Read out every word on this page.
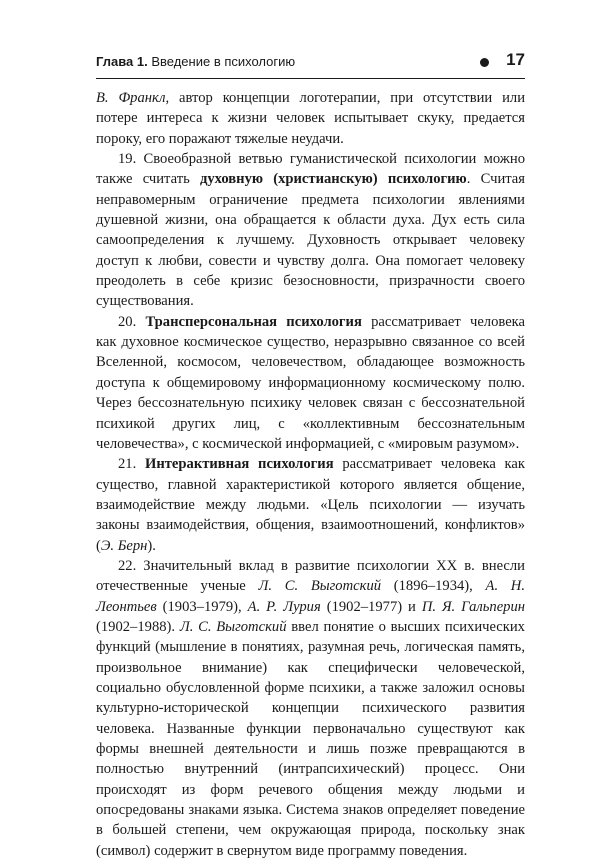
Глава 1. Введение в психологию	17

В. Франкл, автор концепции логотерапии, при отсутствии или потере интереса к жизни человек испытывает скуку, предается пороку, его поражают тяжелые неудачи.

19. Своеобразной ветвью гуманистической психологии можно также считать духовную (христианскую) психологию. Считая неправомерным ограничение предмета психологии явлениями душевной жизни, она обращается к области духа. Дух есть сила самоопределения к лучшему. Духовность открывает человеку доступ к любви, совести и чувству долга. Она помогает человеку преодолеть в себе кризис безосновности, призрачности своего существования.

20. Трансперсональная психология рассматривает человека как духовное космическое существо, неразрывно связанное со всей Вселенной, космосом, человечеством, обладающее возможность доступа к общемировому информационному космическому полю. Через бессознательную психику человек связан с бессознательной психикой других лиц, с «коллективным бессознательным человечества», с космической информацией, с «мировым разумом».

21. Интерактивная психология рассматривает человека как существо, главной характеристикой которого является общение, взаимодействие между людьми. «Цель психологии — изучать законы взаимодействия, общения, взаимоотношений, конфликтов» (Э. Берн).

22. Значительный вклад в развитие психологии XX в. внесли отечественные ученые Л. С. Выготский (1896–1934), А. Н. Леонтьев (1903–1979), А. Р. Лурия (1902–1977) и П. Я. Гальперин (1902–1988). Л. С. Выготский ввел понятие о высших психических функций (мышление в понятиях, разумная речь, логическая память, произвольное внимание) как специфически человеческой, социально обусловленной форме психики, а также заложил основы культурно-исторической концепции психического развития человека. Названные функции первоначально существуют как формы внешней деятельности и лишь позже превращаются в полностью внутренний (интрапсихический) процесс. Они происходят из форм речевого общения между людьми и опосредованы знаками языка. Система знаков определяет поведение в большей степени, чем окружающая природа, поскольку знак (символ) содержит в свернутом виде программу поведения.
